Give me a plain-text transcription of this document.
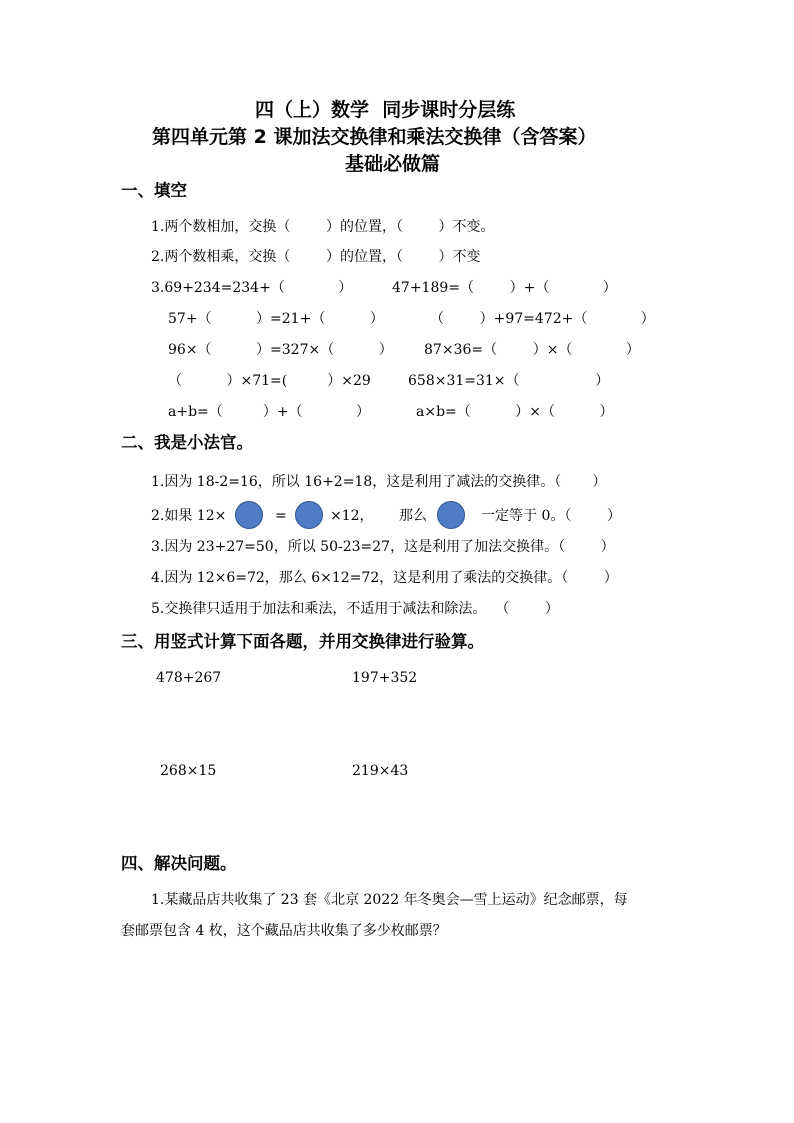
四（上）数学  同步课时分层练
第四单元第 2 课加法交换律和乘法交换律（含答案）
基础必做篇
一、填空
1.两个数相加，交换（        ）的位置，（        ）不变。
2.两个数相乘，交换（        ）的位置，（        ）不变
3.69+234=234+（            ）	47+189=（        ）+（            ）
57+（          ）=21+（          ）	（        ）+97=472+（            ）
96×（          ）=327×（          ） 87×36=（        ）×（            ）
（          ）×71=(         ）×29	658×31=31×（                 ）
a+b=（         ）+（            ）	a×b=（          ）×（          ）
二、我是小法官。
1.因为 18-2=16，所以 16+2=18，这是利用了减法的交换律。（       ）
2.如果 12×	=	×12， 那么	一定等于 0。（        ）
3.因为 23+27=50，所以 50-23=27，这是利用了加法交换律。（        ）
4.因为 12×6=72，那么 6×12=72，这是利用了乘法的交换律。（        ）
5.交换律只适用于加法和乘法，不适用于减法和除法。  （        ）
三、用竖式计算下面各题，并用交换律进行验算。
478+267	197+352
268×15	219×43
四、解决问题。
1.某藏品店共收集了 23 套《北京 2022 年冬奥会—雪上运动》纪念邮票，每
套邮票包含 4 枚，这个藏品店共收集了多少枚邮票？
